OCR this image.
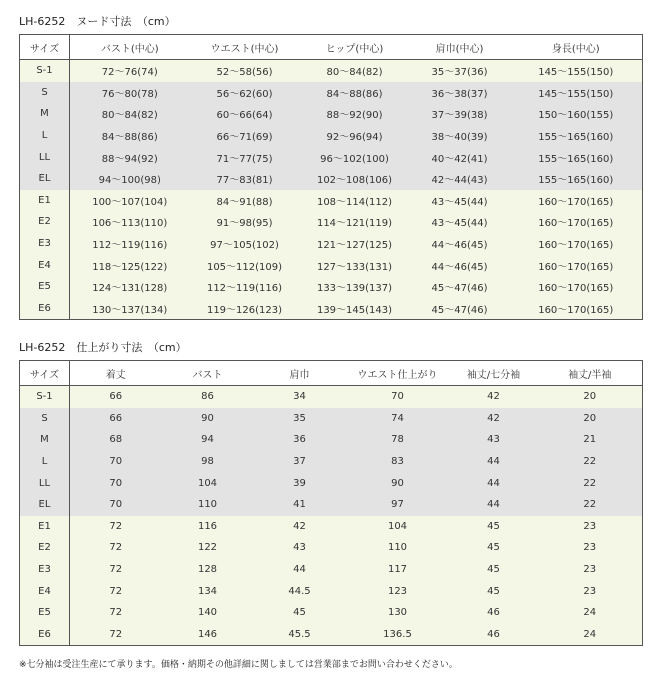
LH-6252　ヌード寸法　（cm）
サイズ	バスト(中心)	ウエスト(中心)	ヒップ(中心)	肩巾(中心)	身長(中心)
S-1	72〜76(74)	52〜58(56)	80〜84(82)	35〜37(36)	145〜155(150)
S	76〜80(78)	56〜62(60)	84〜88(86)	36〜38(37)	145〜155(150)
M	80〜84(82)	60〜66(64)	88〜92(90)	37〜39(38)	150〜160(155)
L	84〜88(86)	66〜71(69)	92〜96(94)	38〜40(39)	155〜165(160)
LL	88〜94(92)	71〜77(75)	96〜102(100)	40〜42(41)	155〜165(160)
EL	94〜100(98)	77〜83(81)	102〜108(106)	42〜44(43)	155〜165(160)
E1	100〜107(104)	84〜91(88)	108〜114(112)	43〜45(44)	160〜170(165)
E2	106〜113(110)	91〜98(95)	114〜121(119)	43〜45(44)	160〜170(165)
E3	112〜119(116)	97〜105(102)	121〜127(125)	44〜46(45)	160〜170(165)
E4	118〜125(122)	105〜112(109)	127〜133(131)	44〜46(45)	160〜170(165)
E5	124〜131(128)	112〜119(116)	133〜139(137)	45〜47(46)	160〜170(165)
E6	130〜137(134)	119〜126(123)	139〜145(143)	45〜47(46)	160〜170(165)
LH-6252　仕上がり寸法　（cm）
サイズ	着丈	バスト	肩巾	ウエスト仕上がり	袖丈/七分袖	袖丈/半袖
S-1	66	86	34	70	42	20
S	66	90	35	74	42	20
M	68	94	36	78	43	21
L	70	98	37	83	44	22
LL	70	104	39	90	44	22
EL	70	110	41	97	44	22
E1	72	116	42	104	45	23
E2	72	122	43	110	45	23
E3	72	128	44	117	45	23
E4	72	134	44.5	123	45	23
E5	72	140	45	130	46	24
E6	72	146	45.5	136.5	46	24
※七分袖は受注生産にて承ります。価格・納期その他詳細に関しましては営業部までお問い合わせください。
